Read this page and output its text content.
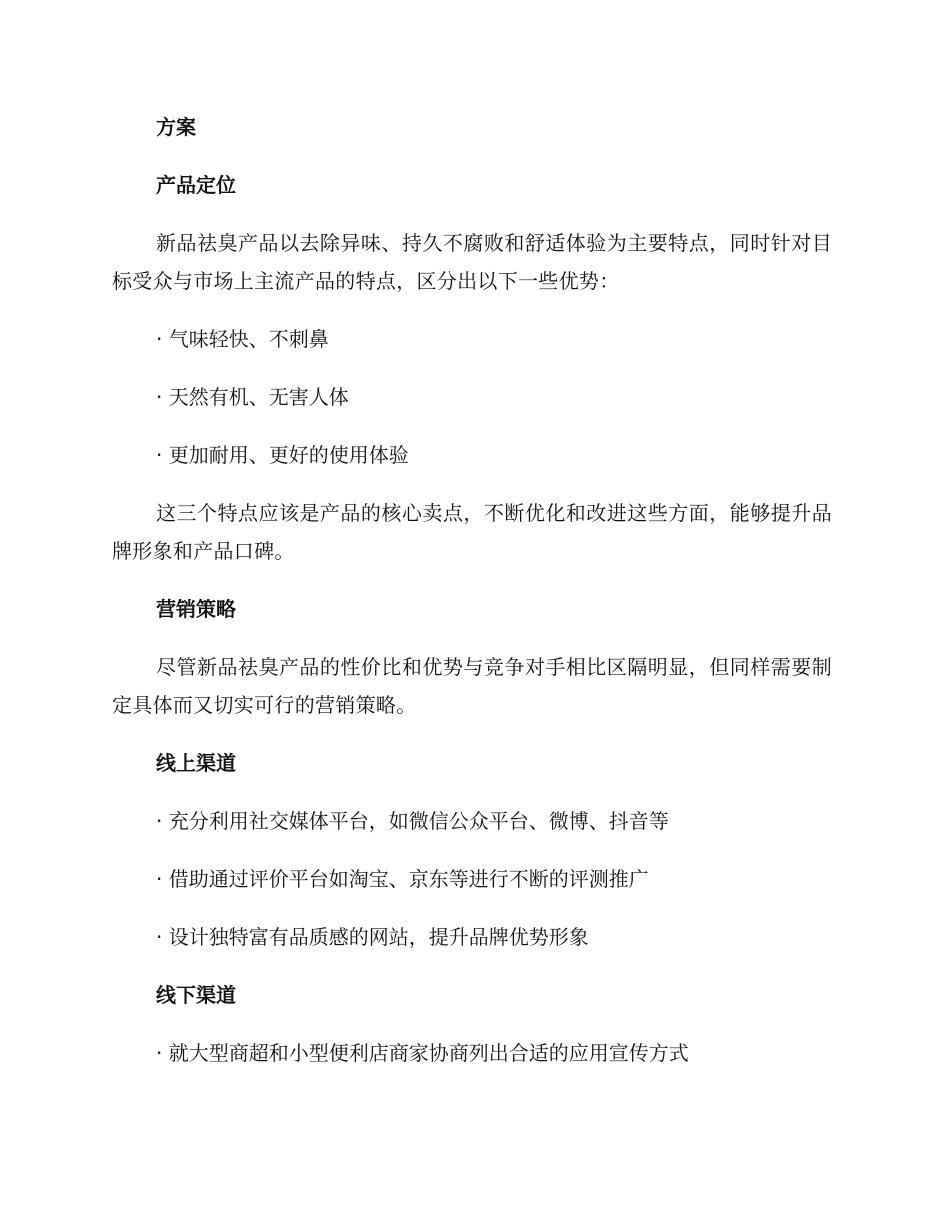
方案

产品定位

新品祛臭产品以去除异味、持久不腐败和舒适体验为主要特点，同时针对目标受众与市场上主流产品的特点，区分出以下一些优势：

· 气味轻快、不刺鼻

· 天然有机、无害人体

· 更加耐用、更好的使用体验

这三个特点应该是产品的核心卖点，不断优化和改进这些方面，能够提升品牌形象和产品口碑。

营销策略

尽管新品祛臭产品的性价比和优势与竞争对手相比区隔明显，但同样需要制定具体而又切实可行的营销策略。

线上渠道

· 充分利用社交媒体平台，如微信公众平台、微博、抖音等

· 借助通过评价平台如淘宝、京东等进行不断的评测推广

· 设计独特富有品质感的网站，提升品牌优势形象

线下渠道

· 就大型商超和小型便利店商家协商列出合适的应用宣传方式
